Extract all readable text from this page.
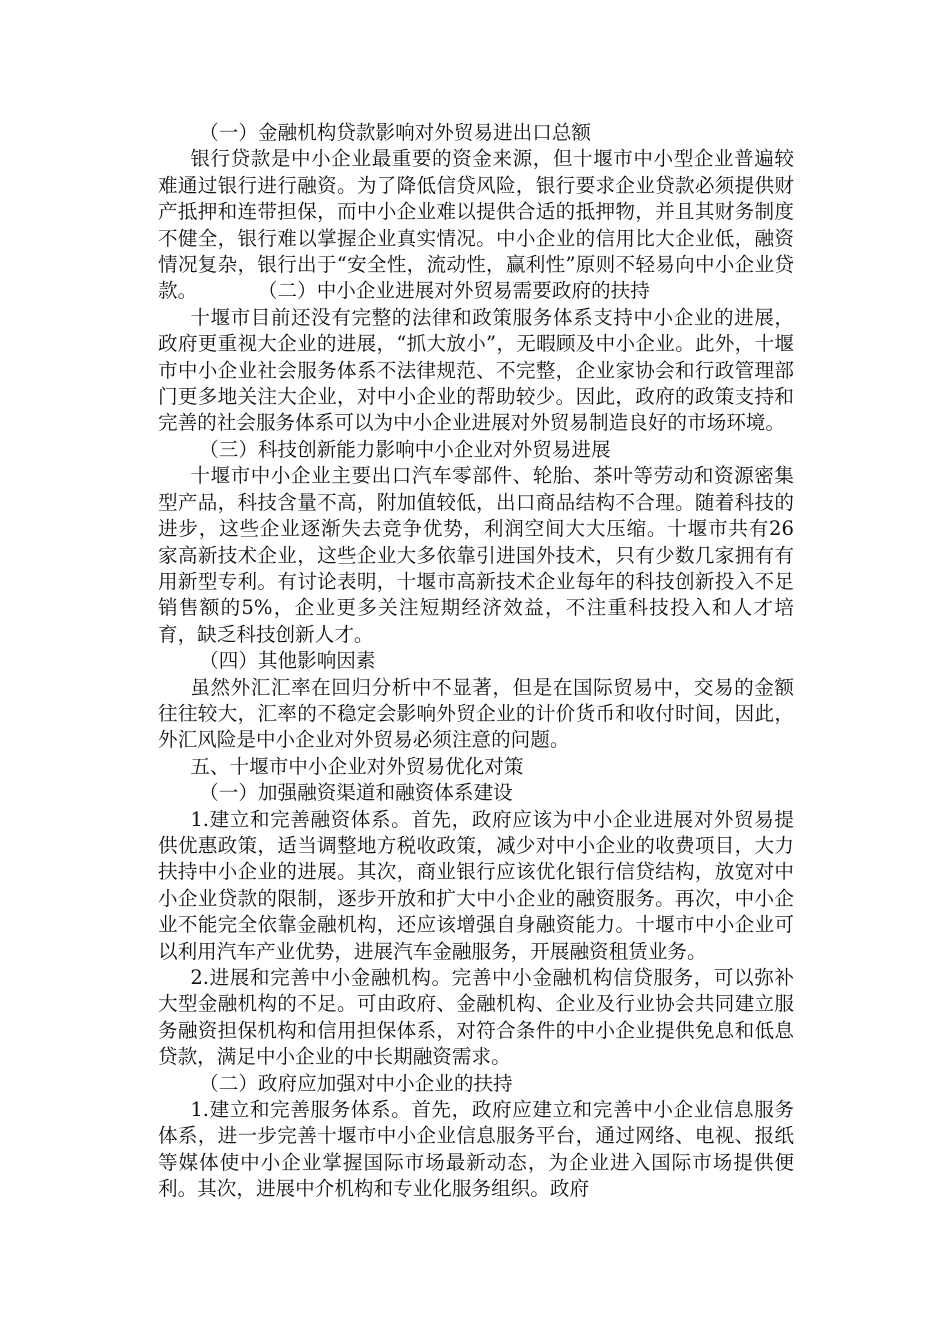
（一）金融机构贷款影响对外贸易进出口总额

银行贷款是中小企业最重要的资金来源，但十堰市中小型企业普遍较难通过银行进行融资。为了降低信贷风险，银行要求企业贷款必须提供财产抵押和连带担保，而中小企业难以提供合适的抵押物，并且其财务制度不健全，银行难以掌握企业真实情况。中小企业的信用比大企业低，融资情况复杂，银行出于“安全性，流动性，赢利性”原则不轻易向中小企业贷款。	（二）中小企业进展对外贸易需要政府的扶持

十堰市目前还没有完整的法律和政策服务体系支持中小企业的进展，政府更重视大企业的进展，“抓大放小”，无暇顾及中小企业。此外，十堰市中小企业社会服务体系不法律规范、不完整，企业家协会和行政管理部门更多地关注大企业，对中小企业的帮助较少。因此，政府的政策支持和完善的社会服务体系可以为中小企业进展对外贸易制造良好的市场环境。

（三）科技创新能力影响中小企业对外贸易进展

十堰市中小企业主要出口汽车零部件、轮胎、茶叶等劳动和资源密集型产品，科技含量不高，附加值较低，出口商品结构不合理。随着科技的进步，这些企业逐渐失去竞争优势，利润空间大大压缩。十堰市共有26 家高新技术企业，这些企业大多依靠引进国外技术，只有少数几家拥有有用新型专利。有讨论表明，十堰市高新技术企业每年的科技创新投入不足销售额的5%，企业更多关注短期经济效益，不注重科技投入和人才培育，缺乏科技创新人才。

（四）其他影响因素

虽然外汇汇率在回归分析中不显著，但是在国际贸易中，交易的金额往往较大，汇率的不稳定会影响外贸企业的计价货币和收付时间，因此，外汇风险是中小企业对外贸易必须注意的问题。

五、十堰市中小企业对外贸易优化对策

（一）加强融资渠道和融资体系建设

1.建立和完善融资体系。首先，政府应该为中小企业进展对外贸易提供优惠政策，适当调整地方税收政策，减少对中小企业的收费项目，大力扶持中小企业的进展。其次，商业银行应该优化银行信贷结构，放宽对中小企业贷款的限制，逐步开放和扩大中小企业的融资服务。再次，中小企业不能完全依靠金融机构，还应该增强自身融资能力。十堰市中小企业可以利用汽车产业优势，进展汽车金融服务，开展融资租赁业务。

2.进展和完善中小金融机构。完善中小金融机构信贷服务，可以弥补大型金融机构的不足。可由政府、金融机构、企业及行业协会共同建立服务融资担保机构和信用担保体系，对符合条件的中小企业提供免息和低息贷款，满足中小企业的中长期融资需求。

（二）政府应加强对中小企业的扶持

1.建立和完善服务体系。首先，政府应建立和完善中小企业信息服务体系，进一步完善十堰市中小企业信息服务平台，通过网络、电视、报纸等媒体使中小企业掌握国际市场最新动态，为企业进入国际市场提供便利。其次，进展中介机构和专业化服务组织。政府
